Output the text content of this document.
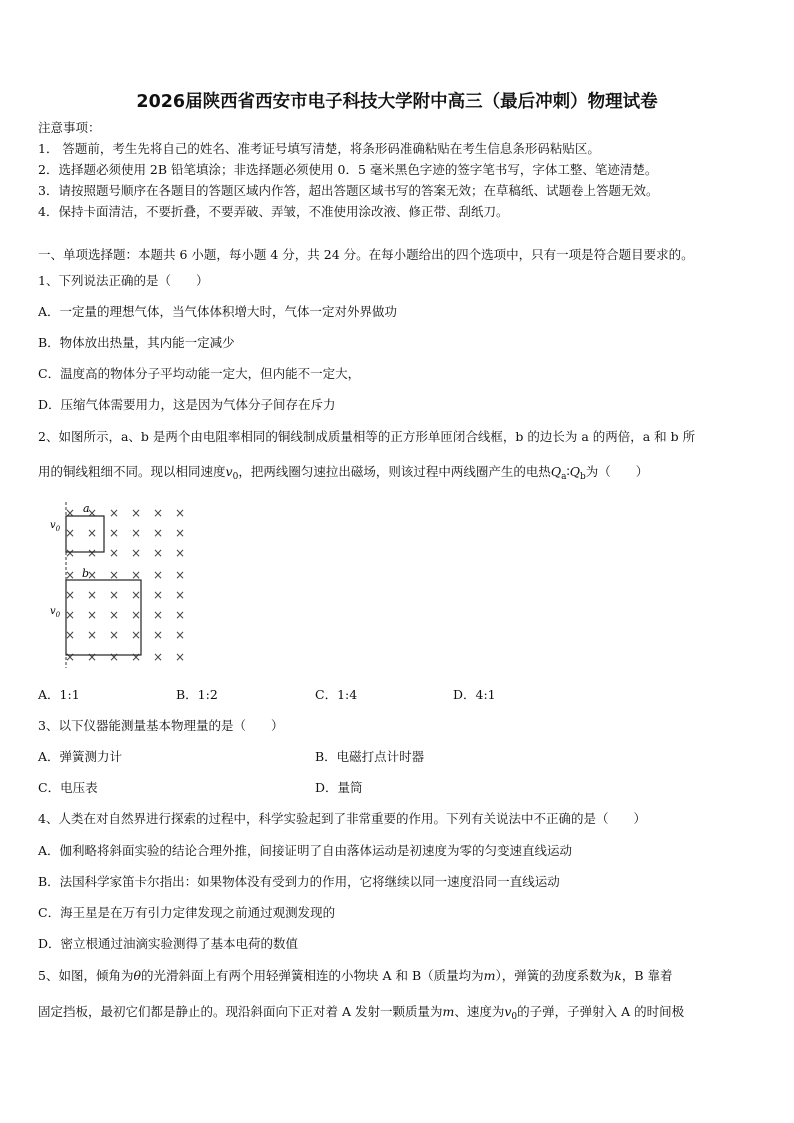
2026届陕西省西安市电子科技大学附中高三（最后冲刺）物理试卷
注意事项：
1． 答题前，考生先将自己的姓名、准考证号填写清楚，将条形码准确粘贴在考生信息条形码粘贴区。
2．选择题必须使用 2B 铅笔填涂；非选择题必须使用 0．5 毫米黑色字迹的签字笔书写，字体工整、笔迹清楚。
3．请按照题号顺序在各题目的答题区域内作答，超出答题区域书写的答案无效；在草稿纸、试题卷上答题无效。
4．保持卡面清洁，不要折叠，不要弄破、弄皱，不准使用涂改液、修正带、刮纸刀。
一、单项选择题：本题共 6 小题，每小题 4 分，共 24 分。在每小题给出的四个选项中，只有一项是符合题目要求的。
1、下列说法正确的是（　　）
A．一定量的理想气体，当气体体积增大时，气体一定对外界做功
B．物体放出热量，其内能一定减少
C．温度高的物体分子平均动能一定大，但内能不一定大，
D．压缩气体需要用力，这是因为气体分子间存在斥力
2、如图所示，a、b 是两个由电阻率相同的铜线制成质量相等的正方形单匝闭合线框，b 的边长为 a 的两倍，a 和 b 所
用的铜线粗细不同。现以相同速度$v_0$，把两线圈匀速拉出磁场，则该过程中两线圈产生的电热$Q_a∶Q_b$为（　　）
× × × × × ×
× × × × × ×
× × × × × ×
× × × × × ×
× × × × × ×
× × × × × ×
× × × × × ×
× × × × × ×
a
b
$v_0$
$v_0$
A．1:1	B．1:2	C．1:4	D．4:1
3、以下仪器能测量基本物理量的是（　　）
A．弹簧测力计	B．电磁打点计时器
C．电压表	D．量筒
4、人类在对自然界进行探索的过程中，科学实验起到了非常重要的作用。下列有关说法中不正确的是（　　）
A．伽利略将斜面实验的结论合理外推，间接证明了自由落体运动是初速度为零的匀变速直线运动
B．法国科学家笛卡尔指出：如果物体没有受到力的作用，它将继续以同一速度沿同一直线运动
C．海王星是在万有引力定律发现之前通过观测发现的
D．密立根通过油滴实验测得了基本电荷的数值
5、如图，倾角为θ的光滑斜面上有两个用轻弹簧相连的小物块 A 和 B（质量均为m），弹簧的劲度系数为k，B 靠着
固定挡板，最初它们都是静止的。现沿斜面向下正对着 A 发射一颗质量为m、速度为$v_0$的子弹，子弹射入 A 的时间极
